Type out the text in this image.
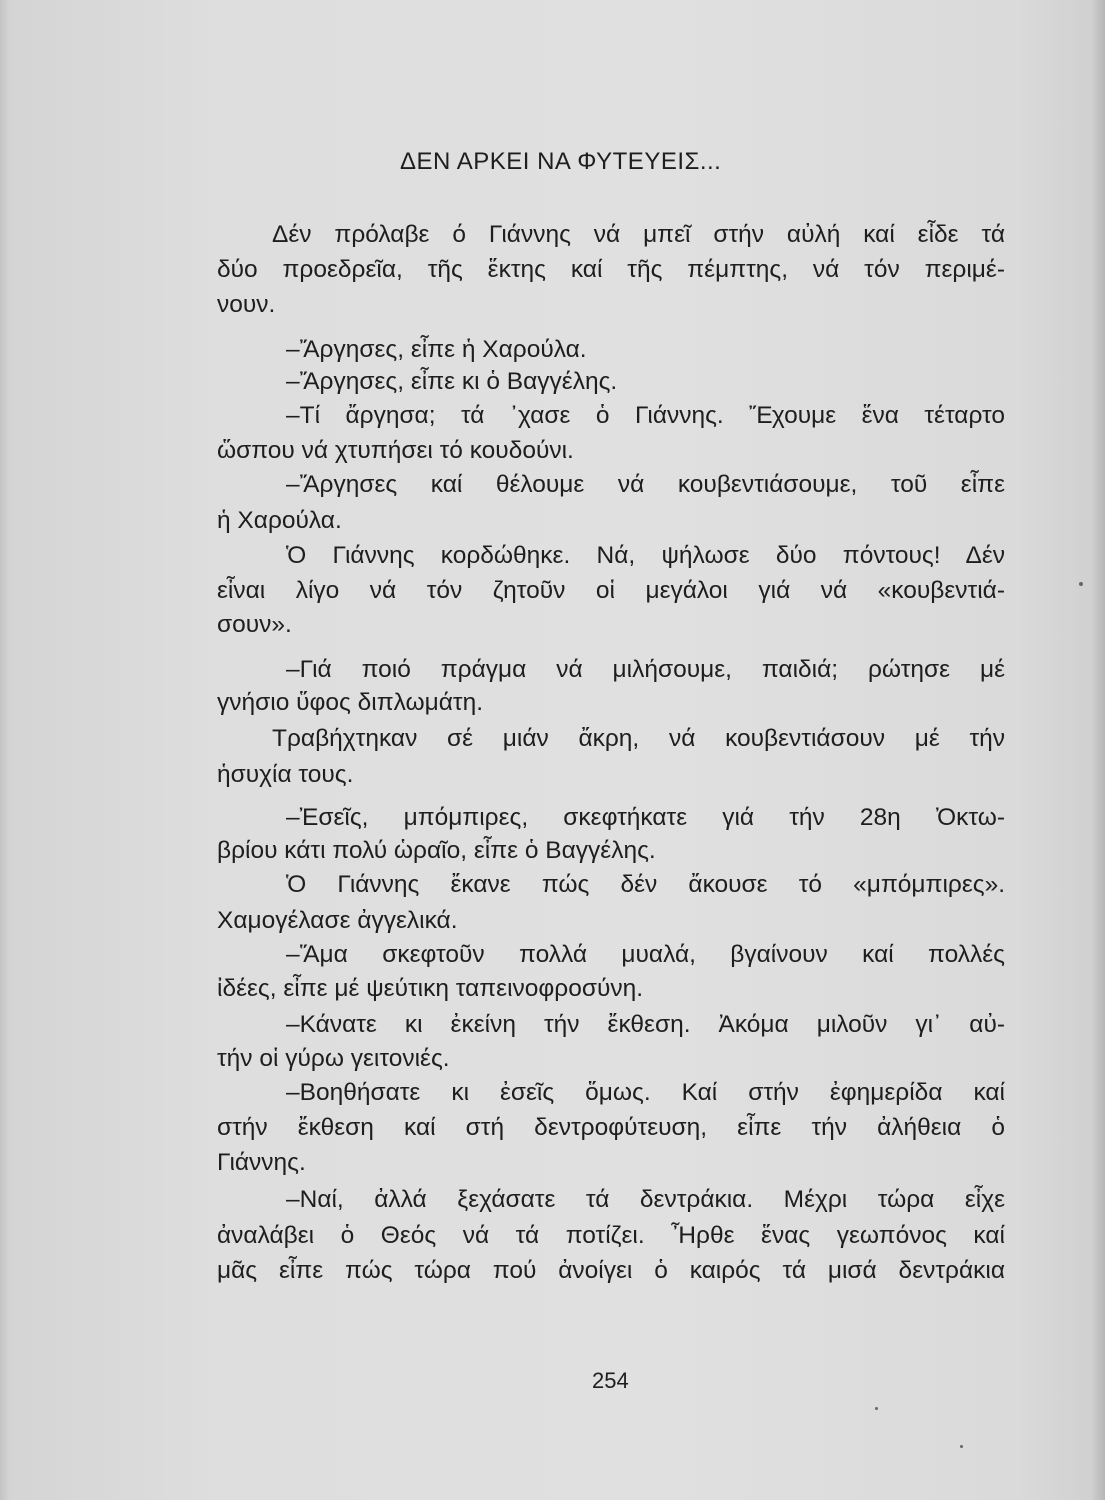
ΔΕΝ ΑΡΚΕΙ ΝΑ ΦΥΤΕΥΕΙΣ...
Δέν πρόλαβε ό Γιάννης νά μπεῖ στήν αὐλή καί εἶδε τά
δύο προεδρεῖα, τῆς ἕκτης καί τῆς πέμπτης, νά τόν περιμέ-
νουν.
–Ἄργησες, εἶπε ἡ Χαρούλα.
–Ἄργησες, εἶπε κι ὁ Βαγγέλης.
–Τί ἄργησα; τά ᾽χασε ὁ Γιάννης. Ἔχουμε ἕνα τέταρτο
ὥσπου νά χτυπήσει τό κουδούνι.
–Ἄργησες καί θέλουμε νά κουβεντιάσουμε, τοῦ εἶπε
ἡ Χαρούλα.
Ὁ Γιάννης κορδώθηκε. Νά, ψήλωσε δύο πόντους! Δέν
εἶναι λίγο νά τόν ζητοῦν οἱ μεγάλοι γιά νά «κουβεντιά-
σουν».
–Γιά ποιό πράγμα νά μιλήσουμε, παιδιά; ρώτησε μέ
γνήσιο ὕφος διπλωμάτη.
Τραβήχτηκαν σέ μιάν ἄκρη, νά κουβεντιάσουν μέ τήν
ἡσυχία τους.
–Ἐσεῖς, μπόμπιρες, σκεφτήκατε γιά τήν 28η Ὀκτω-
βρίου κάτι πολύ ὡραῖο, εἶπε ὁ Βαγγέλης.
Ὁ Γιάννης ἔκανε πώς δέν ἄκουσε τό «μπόμπιρες».
Χαμογέλασε ἀγγελικά.
–Ἅμα σκεφτοῦν πολλά μυαλά, βγαίνουν καί πολλές
ἰδέες, εἶπε μέ ψεύτικη ταπεινοφροσύνη.
–Κάνατε κι ἐκείνη τήν ἔκθεση. Ἀκόμα μιλοῦν γι᾽ αὐ-
τήν οἱ γύρω γειτονιές.
–Βοηθήσατε κι ἐσεῖς ὅμως. Καί στήν ἐφημερίδα καί
στήν ἔκθεση καί στή δεντροφύτευση, εἶπε τήν ἀλήθεια ὁ
Γιάννης.
–Ναί, ἀλλά ξεχάσατε τά δεντράκια. Μέχρι τώρα εἶχε
ἀναλάβει ὁ Θεός νά τά ποτίζει. Ἦρθε ἕνας γεωπόνος καί
μᾶς εἶπε πώς τώρα πού ἀνοίγει ὁ καιρός τά μισά δεντράκια
254
